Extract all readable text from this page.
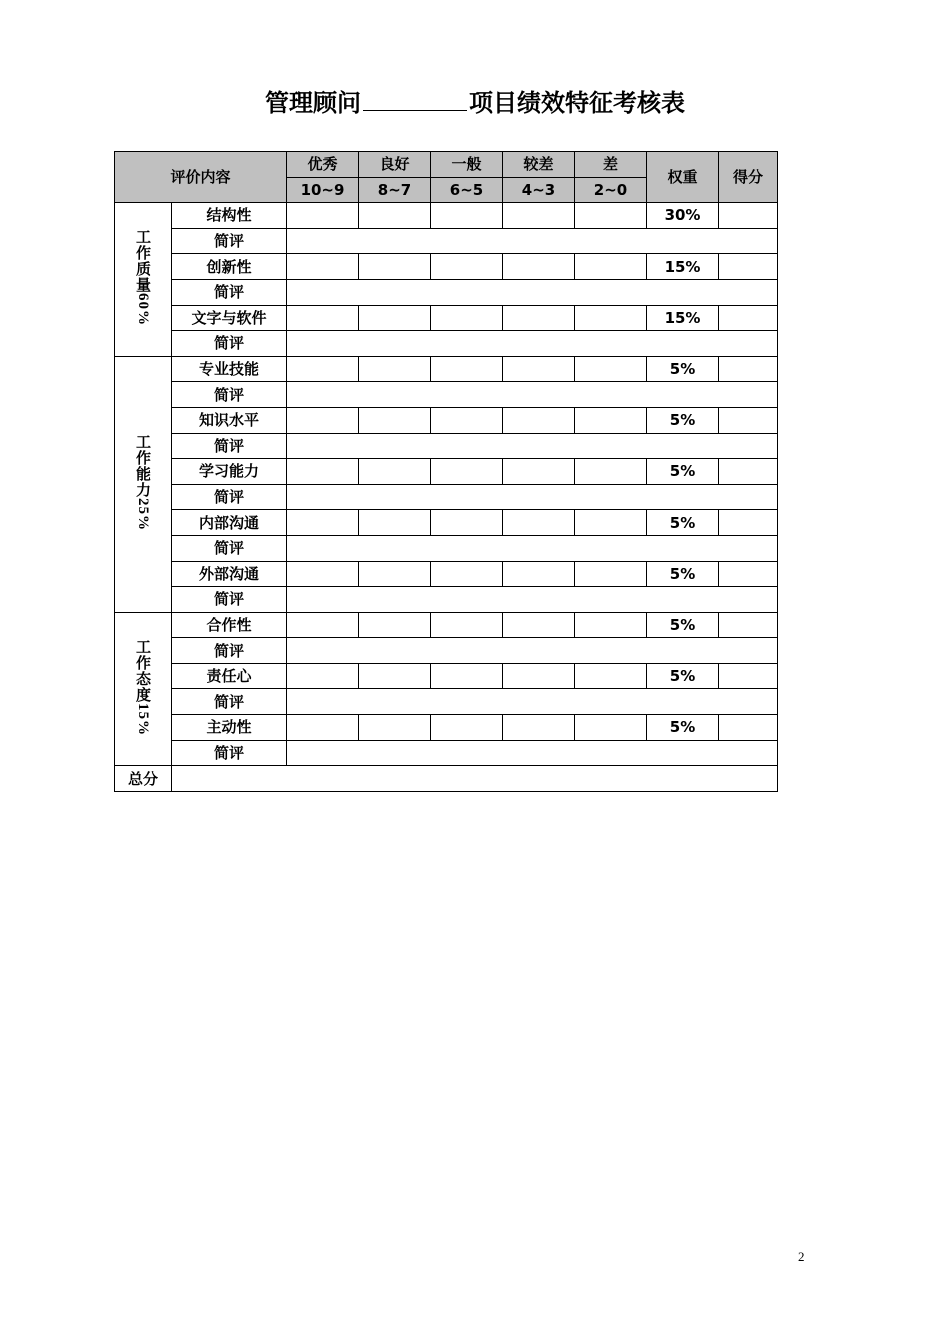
管理顾问	项目绩效特征考核表
评价内容		优秀	良好	一般	较差	差	权重	得分
		10~9	8~7	6~5	4~3	2~0		
工作质量60%	结构性						30%	
	简评							
	创新性						15%	
	简评							
	文字与软件						15%	
	简评							
工作能力25%	专业技能						5%	
	简评							
	知识水平						5%	
	简评							
	学习能力						5%	
	简评							
	内部沟通						5%	
	简评							
	外部沟通						5%	
	简评							
工作态度15%	合作性						5%	
	简评							
	责任心						5%	
	简评							
	主动性						5%	
	简评							
总分								
2
